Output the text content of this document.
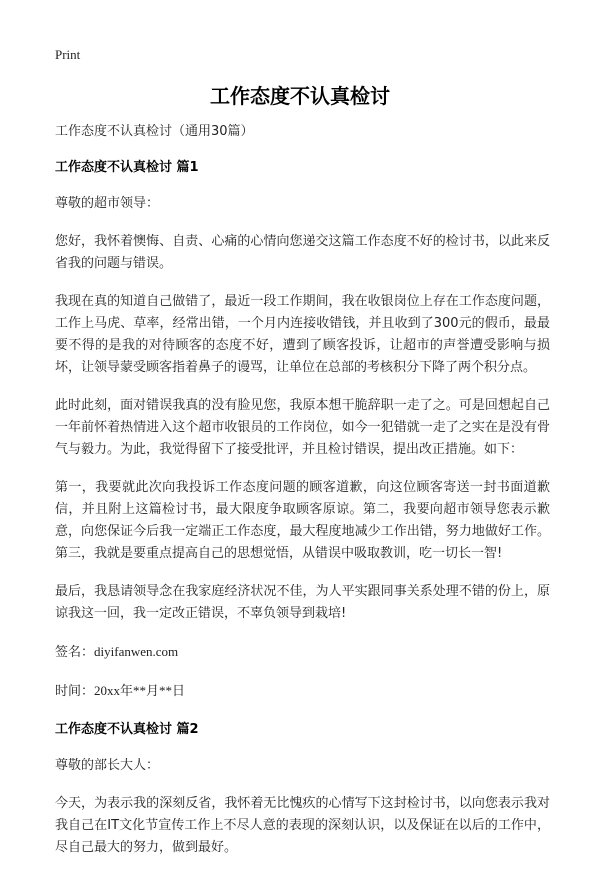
Print
工作态度不认真检讨

工作态度不认真检讨（通用30篇）

工作态度不认真检讨 篇1

尊敬的超市领导：

您好，我怀着懊悔、自责、心痛的心情向您递交这篇工作态度不好的检讨书，以此来反省我的问题与错误。

我现在真的知道自己做错了，最近一段工作期间，我在收银岗位上存在工作态度问题，工作上马虎、草率，经常出错，一个月内连接收错钱，并且收到了300元的假币，最最要不得的是我的对待顾客的态度不好，遭到了顾客投诉，让超市的声誉遭受影响与损坏，让领导蒙受顾客指着鼻子的谩骂，让单位在总部的考核积分下降了两个积分点。

此时此刻，面对错误我真的没有脸见您，我原本想干脆辞职一走了之。可是回想起自己一年前怀着热情进入这个超市收银员的工作岗位，如今一犯错就一走了之实在是没有骨气与毅力。为此，我觉得留下了接受批评，并且检讨错误，提出改正措施。如下：

第一，我要就此次向我投诉工作态度问题的顾客道歉，向这位顾客寄送一封书面道歉信，并且附上这篇检讨书，最大限度争取顾客原谅。第二，我要向超市领导您表示歉意，向您保证今后我一定端正工作态度，最大程度地减少工作出错，努力地做好工作。第三，我就是要重点提高自己的思想觉悟，从错误中吸取教训，吃一切长一智!

最后，我恳请领导念在我家庭经济状况不佳，为人平实跟同事关系处理不错的份上，原谅我这一回，我一定改正错误，不辜负领导到栽培!

签名：diyifanwen.com

时间：20xx年**月**日

工作态度不认真检讨 篇2

尊敬的部长大人：

今天，为表示我的深刻反省，我怀着无比愧疚的心情写下这封检讨书，以向您表示我对我自己在IT文化节宣传工作上不尽人意的表现的深刻认识，以及保证在以后的工作中，尽自己最大的努力，做到最好。
